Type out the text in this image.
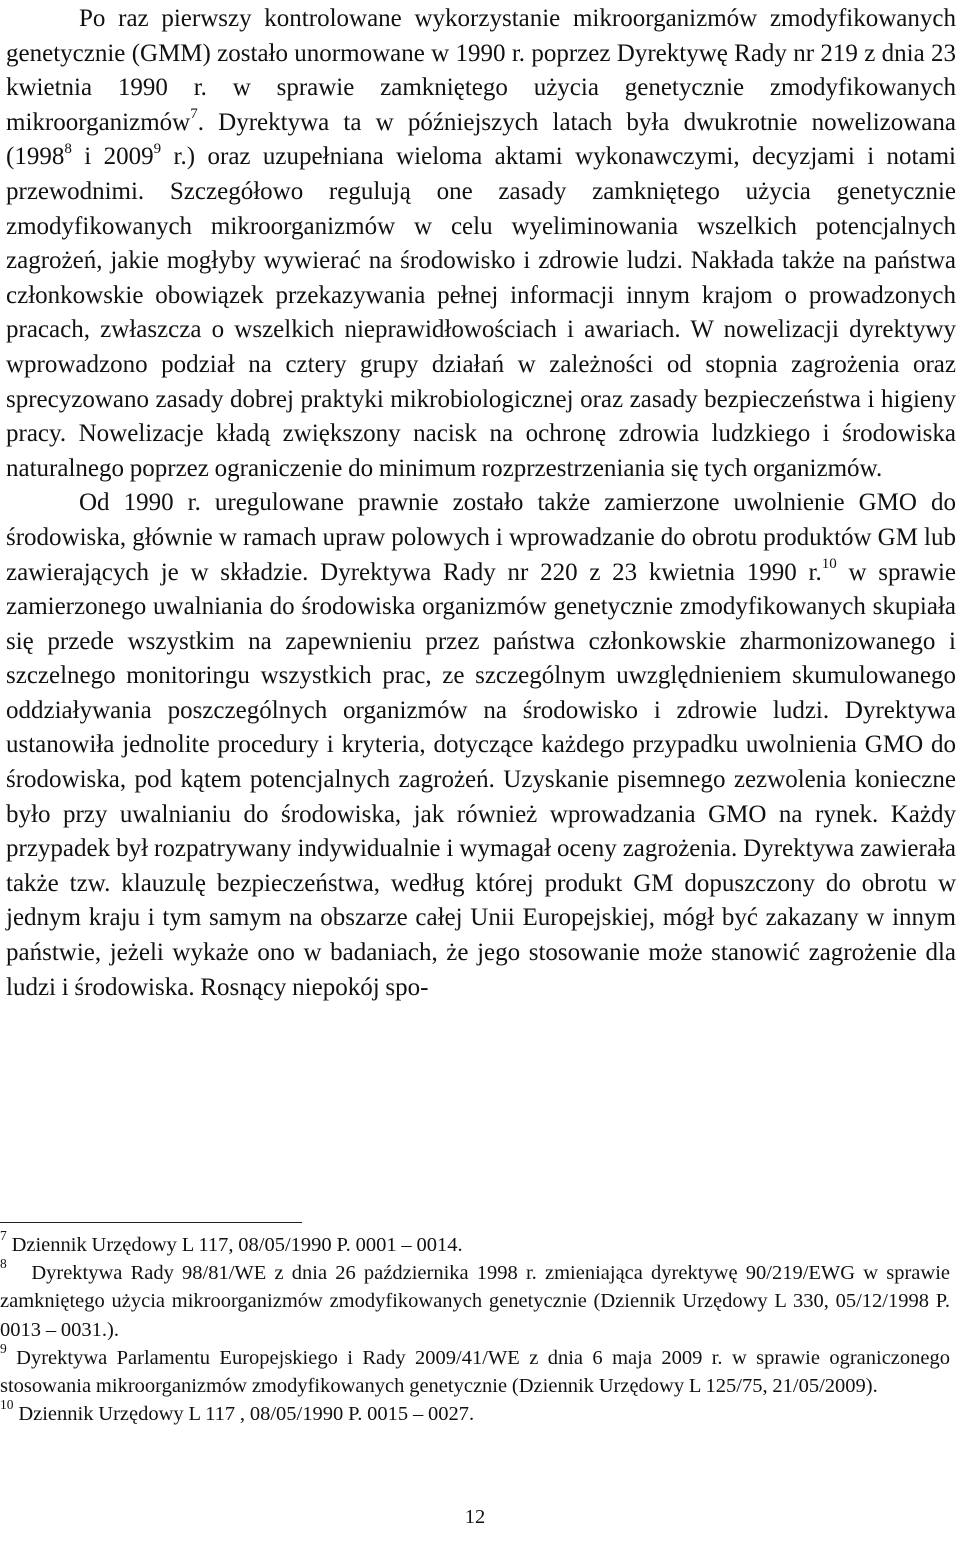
Po raz pierwszy kontrolowane wykorzystanie mikroorganizmów zmodyfikowanych genetycznie (GMM) zostało unormowane w 1990 r. poprzez Dyrektywę Rady nr 219 z dnia 23 kwietnia 1990 r. w sprawie zamkniętego użycia genetycznie zmodyfikowanych mikroorganizmów$^7$. Dyrektywa ta w późniejszych latach była dwukrotnie nowelizowana (1998$^8$ i 2009$^9$ r.) oraz uzupełniana wieloma aktami wykonawczymi, decyzjami i notami przewodnimi. Szczegółowo regulują one zasady zamkniętego użycia genetycznie zmodyfikowanych mikroorganizmów w celu wyeliminowania wszelkich potencjalnych zagrożeń, jakie mogłyby wywierać na środowisko i zdrowie ludzi. Nakłada także na państwa członkowskie obowiązek przekazywania pełnej informacji innym krajom o prowadzonych pracach, zwłaszcza o wszelkich nieprawidłowościach i awariach. W nowelizacji dyrektywy wprowadzono podział na cztery grupy działań w zależności od stopnia zagrożenia oraz sprecyzowano zasady dobrej praktyki mikrobiologicznej oraz zasady bezpieczeństwa i higieny pracy. Nowelizacje kładą zwiększony nacisk na ochronę zdrowia ludzkiego i środowiska naturalnego poprzez ograniczenie do minimum rozprzestrzeniania się tych organizmów.

Od 1990 r. uregulowane prawnie zostało także zamierzone uwolnienie GMO do środowiska, głównie w ramach upraw polowych i wprowadzanie do obrotu produktów GM lub zawierających je w składzie. Dyrektywa Rady nr 220 z 23 kwietnia 1990 r.$^{10}$ w sprawie zamierzonego uwalniania do środowiska organizmów genetycznie zmodyfikowanych skupiała się przede wszystkim na zapewnieniu przez państwa członkowskie zharmonizowanego i szczelnego monitoringu wszystkich prac, ze szczególnym uwzględnieniem skumulowanego oddziaływania poszczególnych organizmów na środowisko i zdrowie ludzi. Dyrektywa ustanowiła jednolite procedury i kryteria, dotyczące każdego przypadku uwolnienia GMO do środowiska, pod kątem potencjalnych zagrożeń. Uzyskanie pisemnego zezwolenia konieczne było przy uwalnianiu do środowiska, jak również wprowadzania GMO na rynek. Każdy przypadek był rozpatrywany indywidualnie i wymagał oceny zagrożenia. Dyrektywa zawierała także tzw. klauzulę bezpieczeństwa, według której produkt GM dopuszczony do obrotu w jednym kraju i tym samym na obszarze całej Unii Europejskiej, mógł być zakazany w innym państwie, jeżeli wykaże ono w badaniach, że jego stosowanie może stanowić zagrożenie dla ludzi i środowiska. Rosnący niepokój spo-

$^7$ Dziennik Urzędowy L 117, 08/05/1990 P. 0001 – 0014.

$^8$ Dyrektywa Rady 98/81/WE z dnia 26 października 1998 r. zmieniająca dyrektywę 90/219/EWG w sprawie zamkniętego użycia mikroorganizmów zmodyfikowanych genetycznie (Dziennik Urzędowy L 330, 05/12/1998 P. 0013 – 0031.).

$^9$ Dyrektywa Parlamentu Europejskiego i Rady 2009/41/WE z dnia 6 maja 2009 r. w sprawie ograniczonego stosowania mikroorganizmów zmodyfikowanych genetycznie (Dziennik Urzędowy L 125/75, 21/05/2009).

$^{10}$ Dziennik Urzędowy L 117 , 08/05/1990 P. 0015 – 0027.

12
